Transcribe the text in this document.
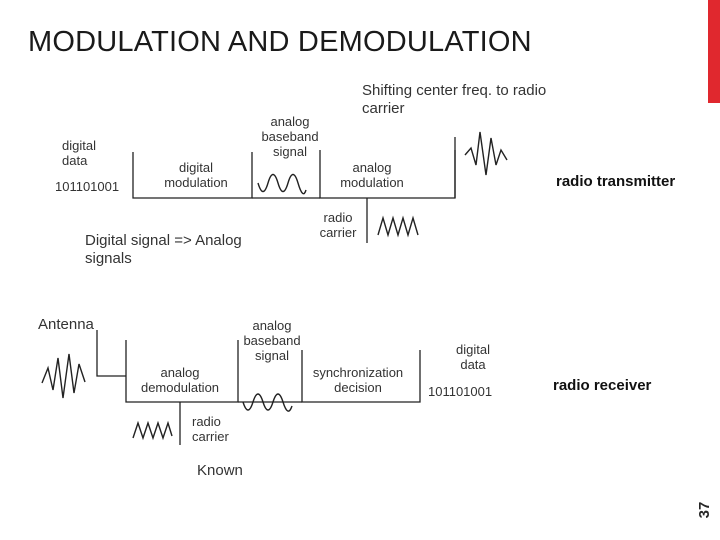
MODULATION AND DEMODULATION
digital
data
101101001
digital
modulation
analog
baseband
signal
Shifting center freq. to radio
carrier
analog
modulation
radio
carrier
radio transmitter
Digital signal => Analog
signals
Antenna
analog
demodulation
analog
baseband
signal
synchronization
decision
digital
data
101101001
radio
carrier
Known
radio receiver
37
